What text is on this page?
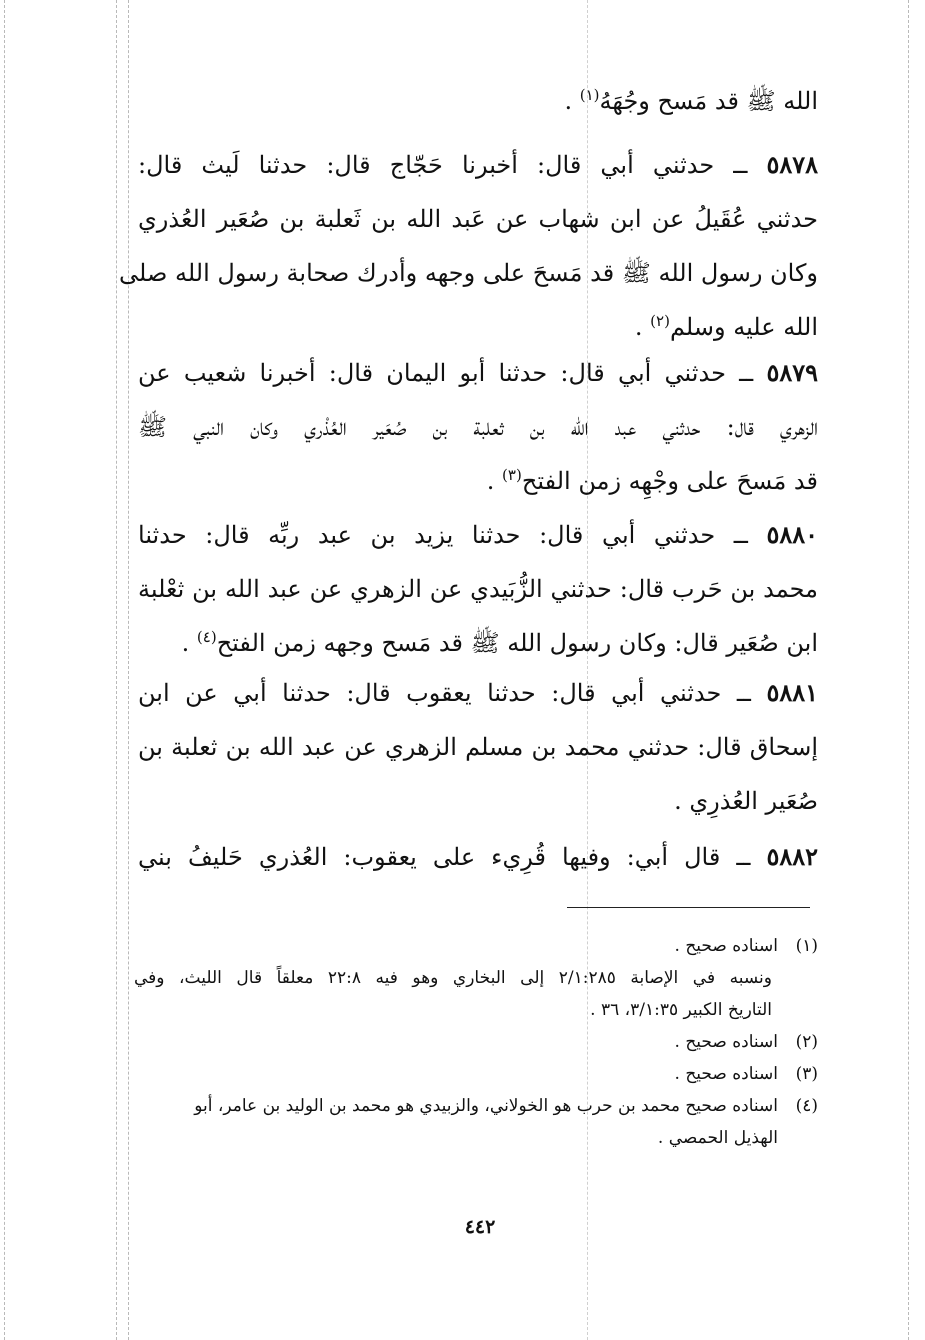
الله ﷺ قد مَسح وجُهَهُ$^{(١)}$ .
٥٨٧٨ ــ حدثني أبي قال: أخبرنا حَجّاج قال: حدثنا لَيث قال:
حدثني عُقَيلُ عن ابن شهاب عن عَبد الله بن ثَعلبة بن صُعَير العُذري
وكان رسول الله ﷺ قد مَسحَ على وجهه وأدرك صحابة رسول الله صلى
الله عليه وسلم$^{(٢)}$ .
٥٨٧٩ ــ حدثني أبي قال: حدثنا أبو اليمان قال: أخبرنا شعيب عن
الزهري قال: حدثني عبد الله بن ثعلبة بن صُعَير العُذْري وكان النبي ﷺ
قد مَسحَ على وجْهِه زمن الفتح$^{(٣)}$ .
٥٨٨٠ ــ حدثني أبي قال: حدثنا يزيد بن عبد ربِّه قال: حدثنا
محمد بن حَرب قال: حدثني الزُّبَيدي عن الزهري عن عبد الله بن ثعْلبة
ابن صُعَير قال: وكان رسول الله ﷺ قد مَسح وجهه زمن الفتح$^{(٤)}$ .
٥٨٨١ ــ حدثني أبي قال: حدثنا يعقوب قال: حدثنا أبي عن ابن
إسحاق قال: حدثني محمد بن مسلم الزهري عن عبد الله بن ثعلبة بن
صُعَير العُذرِي .
٥٨٨٢ ــ قال أبي: وفيها قُرِيء على يعقوب: العُذري حَليفُ بني
(١)اسناده صحيح .
ونسبه في الإصابة ٢/١:٢٨٥ إلى البخاري وهو فيه ٢٢:٨ معلقاً قال الليث، وفي
التاريخ الكبير ٣/١:٣٥، ٣٦ .
(٢)اسناده صحيح .
(٣)اسناده صحيح .
(٤)اسناده صحيح محمد بن حرب هو الخولاني، والزبيدي هو محمد بن الوليد بن عامر، أبو
الهذيل الحمصي .
٤٤٢
